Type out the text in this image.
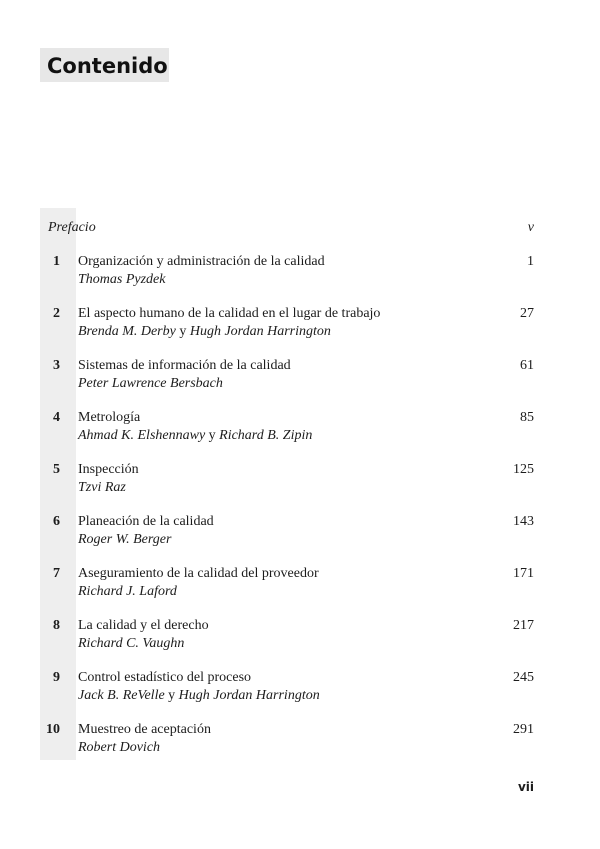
Contenido
Prefacio	v
1 Organización y administración de la calidad	1
Thomas Pyzdek
2 El aspecto humano de la calidad en el lugar de trabajo	27
Brenda M. Derby y Hugh Jordan Harrington
3 Sistemas de información de la calidad	61
Peter Lawrence Bersbach
4 Metrología	85
Ahmad K. Elshennawy y Richard B. Zipin
5 Inspección	125
Tzvi Raz
6 Planeación de la calidad	143
Roger W. Berger
7 Aseguramiento de la calidad del proveedor	171
Richard J. Laford
8 La calidad y el derecho	217
Richard C. Vaughn
9 Control estadístico del proceso	245
Jack B. ReVelle y Hugh Jordan Harrington
10 Muestreo de aceptación	291
Robert Dovich
vii
